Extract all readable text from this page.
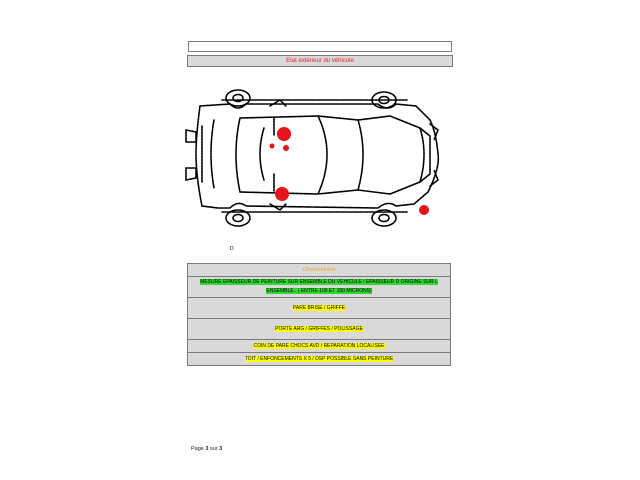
Etat extérieur du véhicule
D
Observations
MESURE EPAISSEUR DE PEINTURE SUR ENSEMBLE DU VEHICULE / EPAISSEUR D ORIGINE SUR L ENSEMBLE . ( ENTRE 100 ET 150 MICRONS)
PARE BRISE / GRIFFE
PORTE ARG / GRIFFES / POLISSAGE
COIN DE PARE CHOCS AVD / REPARATION LOCALISEE
TOIT / ENFONCEMENTS X 5 / DSP POSSIBLE SANS PEINTURE
Page 3 sur 3
